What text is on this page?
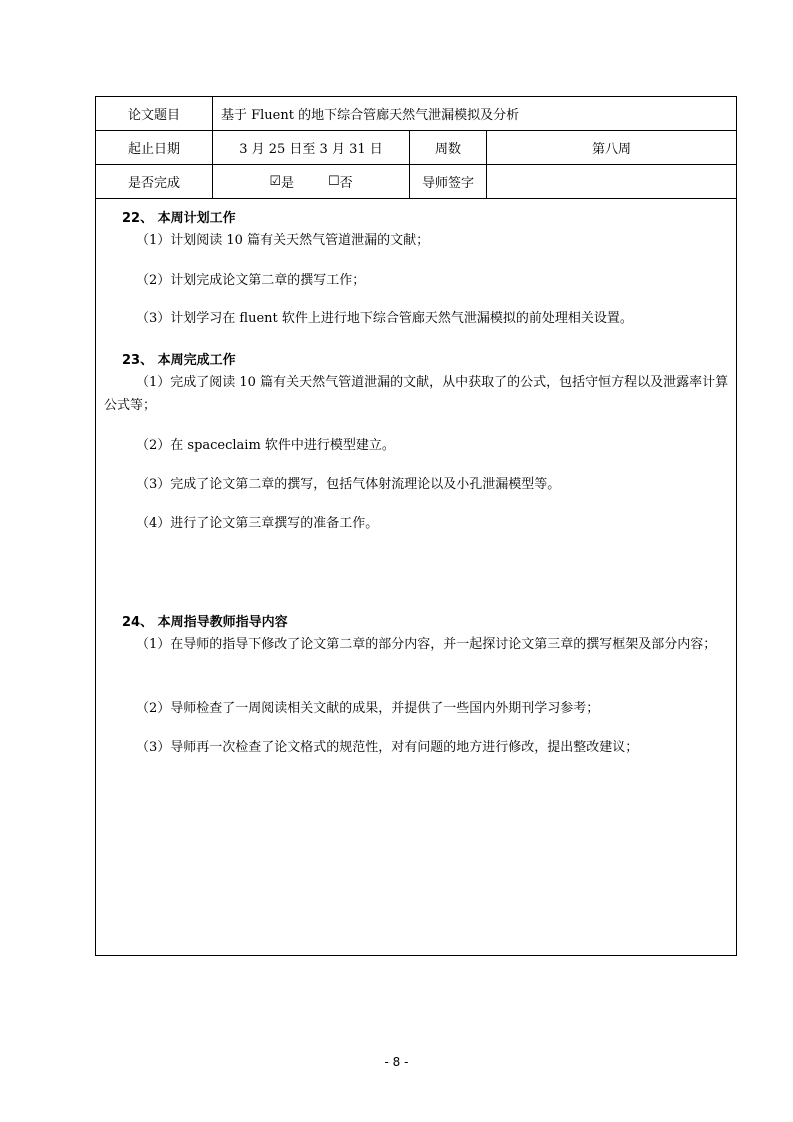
论文题目	基于 Fluent 的地下综合管廊天然气泄漏模拟及分析
起止日期	3 月 25 日至 3 月 31 日	周数	第八周
是否完成	☑ 是	☐ 否	导师签字
22、 本周计划工作
（1）计划阅读 10 篇有关天然气管道泄漏的文献；
（2）计划完成论文第二章的撰写工作；
（3）计划学习在 fluent 软件上进行地下综合管廊天然气泄漏模拟的前处理相关设置。
23、 本周完成工作
（1）完成了阅读 10 篇有关天然气管道泄漏的文献，从中获取了的公式，包括守恒方程以及泄露率计算公式等；
（2）在 spaceclaim 软件中进行模型建立。
（3）完成了论文第二章的撰写，包括气体射流理论以及小孔泄漏模型等。
（4）进行了论文第三章撰写的准备工作。
24、 本周指导教师指导内容
（1）在导师的指导下修改了论文第二章的部分内容，并一起探讨论文第三章的撰写框架及部分内容；
（2）导师检查了一周阅读相关文献的成果，并提供了一些国内外期刊学习参考；
（3）导师再一次检查了论文格式的规范性，对有问题的地方进行修改，提出整改建议；
- 8 -
